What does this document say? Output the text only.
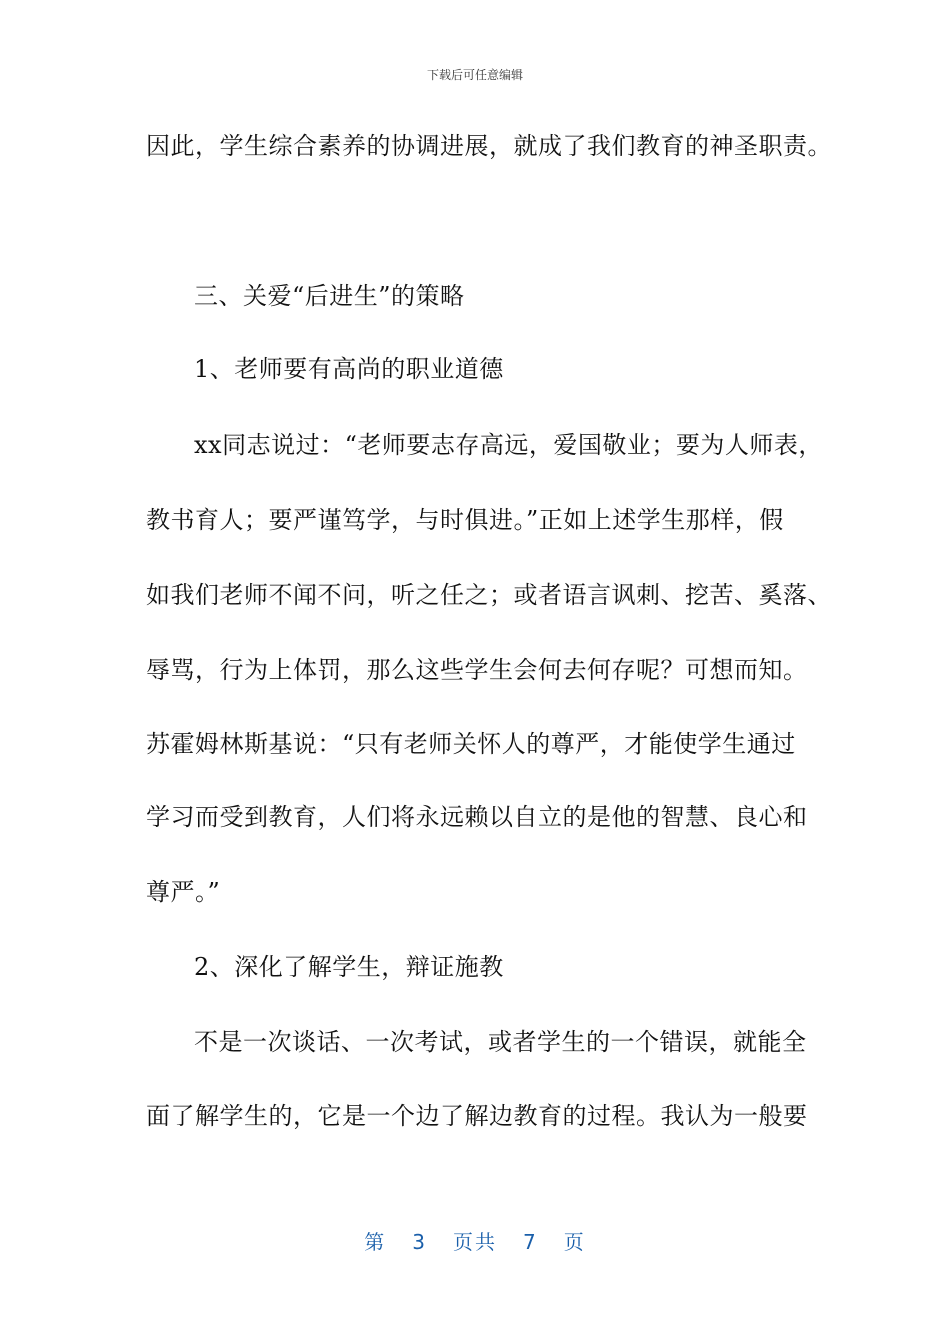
下载后可任意编辑
因此，学生综合素养的协调进展，就成了我们教育的神圣职责。
三、关爱“后进生”的策略
1、老师要有高尚的职业道德
xx同志说过：“老师要志存高远，爱国敬业；要为人师表，
教书育人；要严谨笃学，与时俱进。”正如上述学生那样，假
如我们老师不闻不问，听之任之；或者语言讽刺、挖苦、奚落、
辱骂，行为上体罚，那么这些学生会何去何存呢？可想而知。
苏霍姆林斯基说：“只有老师关怀人的尊严，才能使学生通过
学习而受到教育，人们将永远赖以自立的是他的智慧、良心和
尊严。”
2、深化了解学生，辩证施教
不是一次谈话、一次考试，或者学生的一个错误，就能全
面了解学生的，它是一个边了解边教育的过程。我认为一般要
第 3 页共 7 页
